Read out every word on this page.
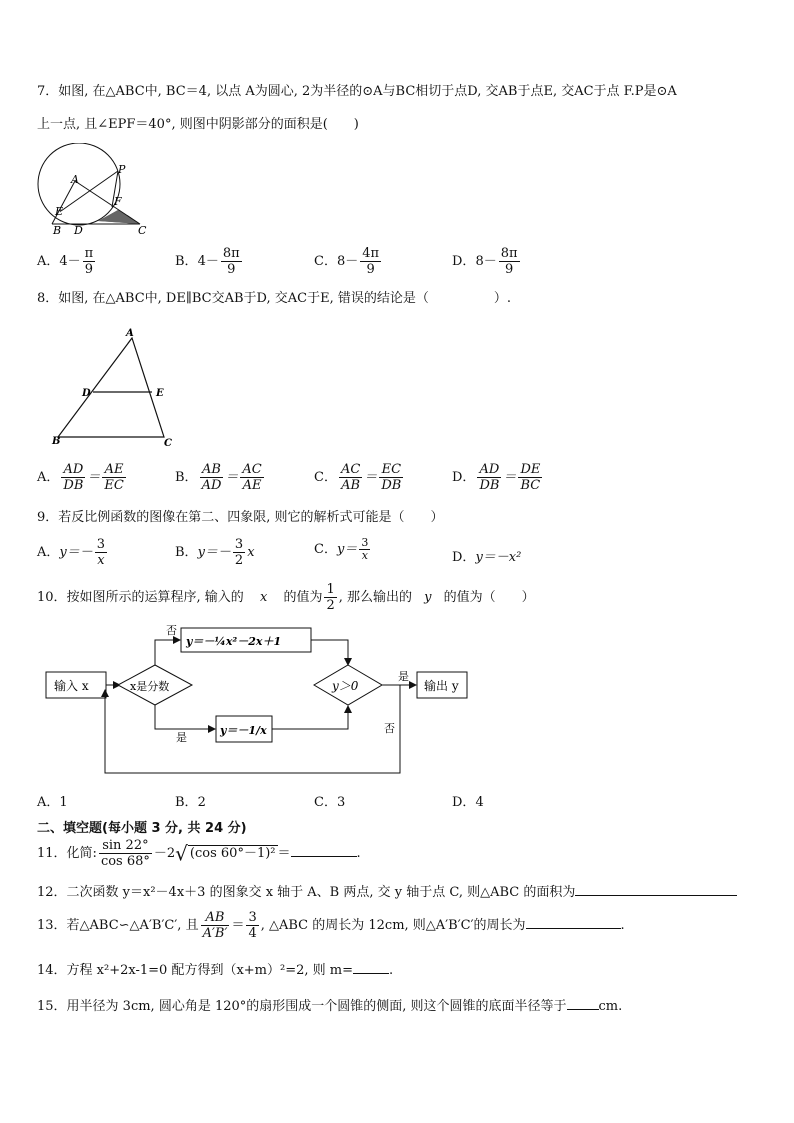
7．如图, 在△ABC中, BC＝4, 以点 A为圆心, 2为半径的⊙A与BC相切于点D, 交AB于点E, 交AC于点 F.P是⊙A
上一点, 且∠EPF＝40°, 则图中阴影部分的面积是(　　)
A
P
E
F
B D	C
A．$4- \frac{\pi}{9}$	B．$4- \frac{8\pi}{9}$	C．$8- \frac{4\pi}{9}$	D．$8- \frac{8\pi}{9}$
8．如图, 在△ABC中, DE∥BC交AB于D, 交AC于E, 错误的结论是（　　　　　）.
A
D	E
B	C
A． $\frac{AD}{DB} = \frac{AE}{EC}$	B． $\frac{AB}{AD} = \frac{AC}{AE}$	C． $\frac{AC}{AB} = \frac{EC}{DB}$	D． $\frac{AD}{DB} = \frac{DE}{BC}$
9．若反比例函数的图像在第二、四象限, 则它的解析式可能是（　　）
A．$y=- \frac{3}{x}$	B．$y=- \frac{3}{2}$ x	C．$y= \frac{3}{x}$	D．y＝－x²
10．按如图所示的运算程序, 输入的 x 的值为 $\frac{1}{2}$ , 那么输出的 y 的值为（　　）
输入 x	x是分数
否
y＝－¼x²－2x＋1
是
y＝－1/x
y＞0
是
输出 y
否
A．1	B．2	C．3	D．4
二、填空题(每小题 3 分, 共 24 分)
11．化简: $\frac{\sin 22^\circ}{\cos 68^\circ} -2√$ (cos 60°－1)² ＝	.
12．二次函数 y＝x²－4x＋3 的图象交 x 轴于 A、B 两点, 交 y 轴于点 C, 则△ABC 的面积为
13．若△ABC∽△A′B′C′, 且 $\frac{AB}{A'B'} = \frac{3}{4}$ , △ABC 的周长为 12cm, 则△A′B′C′的周长为	.
14．方程 x²+2x-1=0 配方得到（x+m）²=2, 则 m=	.
15．用半径为 3cm, 圆心角是 120°的扇形围成一个圆锥的侧面, 则这个圆锥的底面半径等于 cm.
